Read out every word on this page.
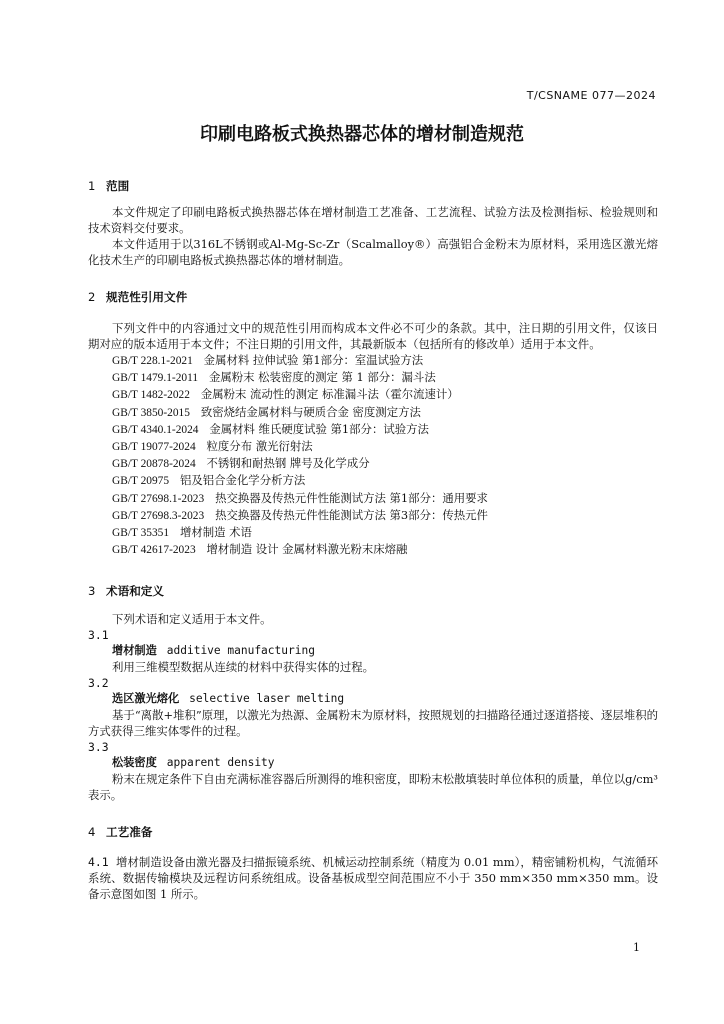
T/CSNAME 077—2024
印刷电路板式换热器芯体的增材制造规范
1 范围

本文件规定了印刷电路板式换热器芯体在增材制造工艺准备、工艺流程、试验方法及检测指标、检验规则和技术资料交付要求。

本文件适用于以316L不锈钢或Al-Mg-Sc-Zr（Scalmalloy®）高强铝合金粉末为原材料，采用选区激光熔化技术生产的印刷电路板式换热器芯体的增材制造。

2 规范性引用文件

下列文件中的内容通过文中的规范性引用而构成本文件必不可少的条款。其中，注日期的引用文件，仅该日期对应的版本适用于本文件；不注日期的引用文件，其最新版本（包括所有的修改单）适用于本文件。

GB/T 228.1-2021 金属材料 拉伸试验 第1部分：室温试验方法
GB/T 1479.1-2011 金属粉末 松装密度的测定 第 1 部分：漏斗法
GB/T 1482-2022 金属粉末 流动性的测定 标准漏斗法（霍尔流速计）
GB/T 3850-2015 致密烧结金属材料与硬质合金 密度测定方法
GB/T 4340.1-2024 金属材料 维氏硬度试验 第1部分：试验方法
GB/T 19077-2024 粒度分布 激光衍射法
GB/T 20878-2024 不锈钢和耐热钢 牌号及化学成分
GB/T 20975 铝及铝合金化学分析方法
GB/T 27698.1-2023 热交换器及传热元件性能测试方法 第1部分：通用要求
GB/T 27698.3-2023 热交换器及传热元件性能测试方法 第3部分：传热元件
GB/T 35351 增材制造 术语
GB/T 42617-2023 增材制造 设计 金属材料激光粉末床熔融
3 术语和定义

下列术语和定义适用于本文件。

3.1
增材制造 additive manufacturing

利用三维模型数据从连续的材料中获得实体的过程。

3.2
选区激光熔化 selective laser melting

基于“离散+堆积”原理，以激光为热源、金属粉末为原材料，按照规划的扫描路径通过逐道搭接、逐层堆积的方式获得三维实体零件的过程。

3.3
松装密度 apparent density

粉末在规定条件下自由充满标准容器后所测得的堆积密度，即粉末松散填装时单位体积的质量，单位以g/cm³表示。

4 工艺准备

4.1 增材制造设备由激光器及扫描振镜系统、机械运动控制系统（精度为 0.01 mm），精密铺粉机构，气流循环系统、数据传输模块及远程访问系统组成。设备基板成型空间范围应不小于 350 mm×350 mm×350 mm。设备示意图如图 1 所示。

1
